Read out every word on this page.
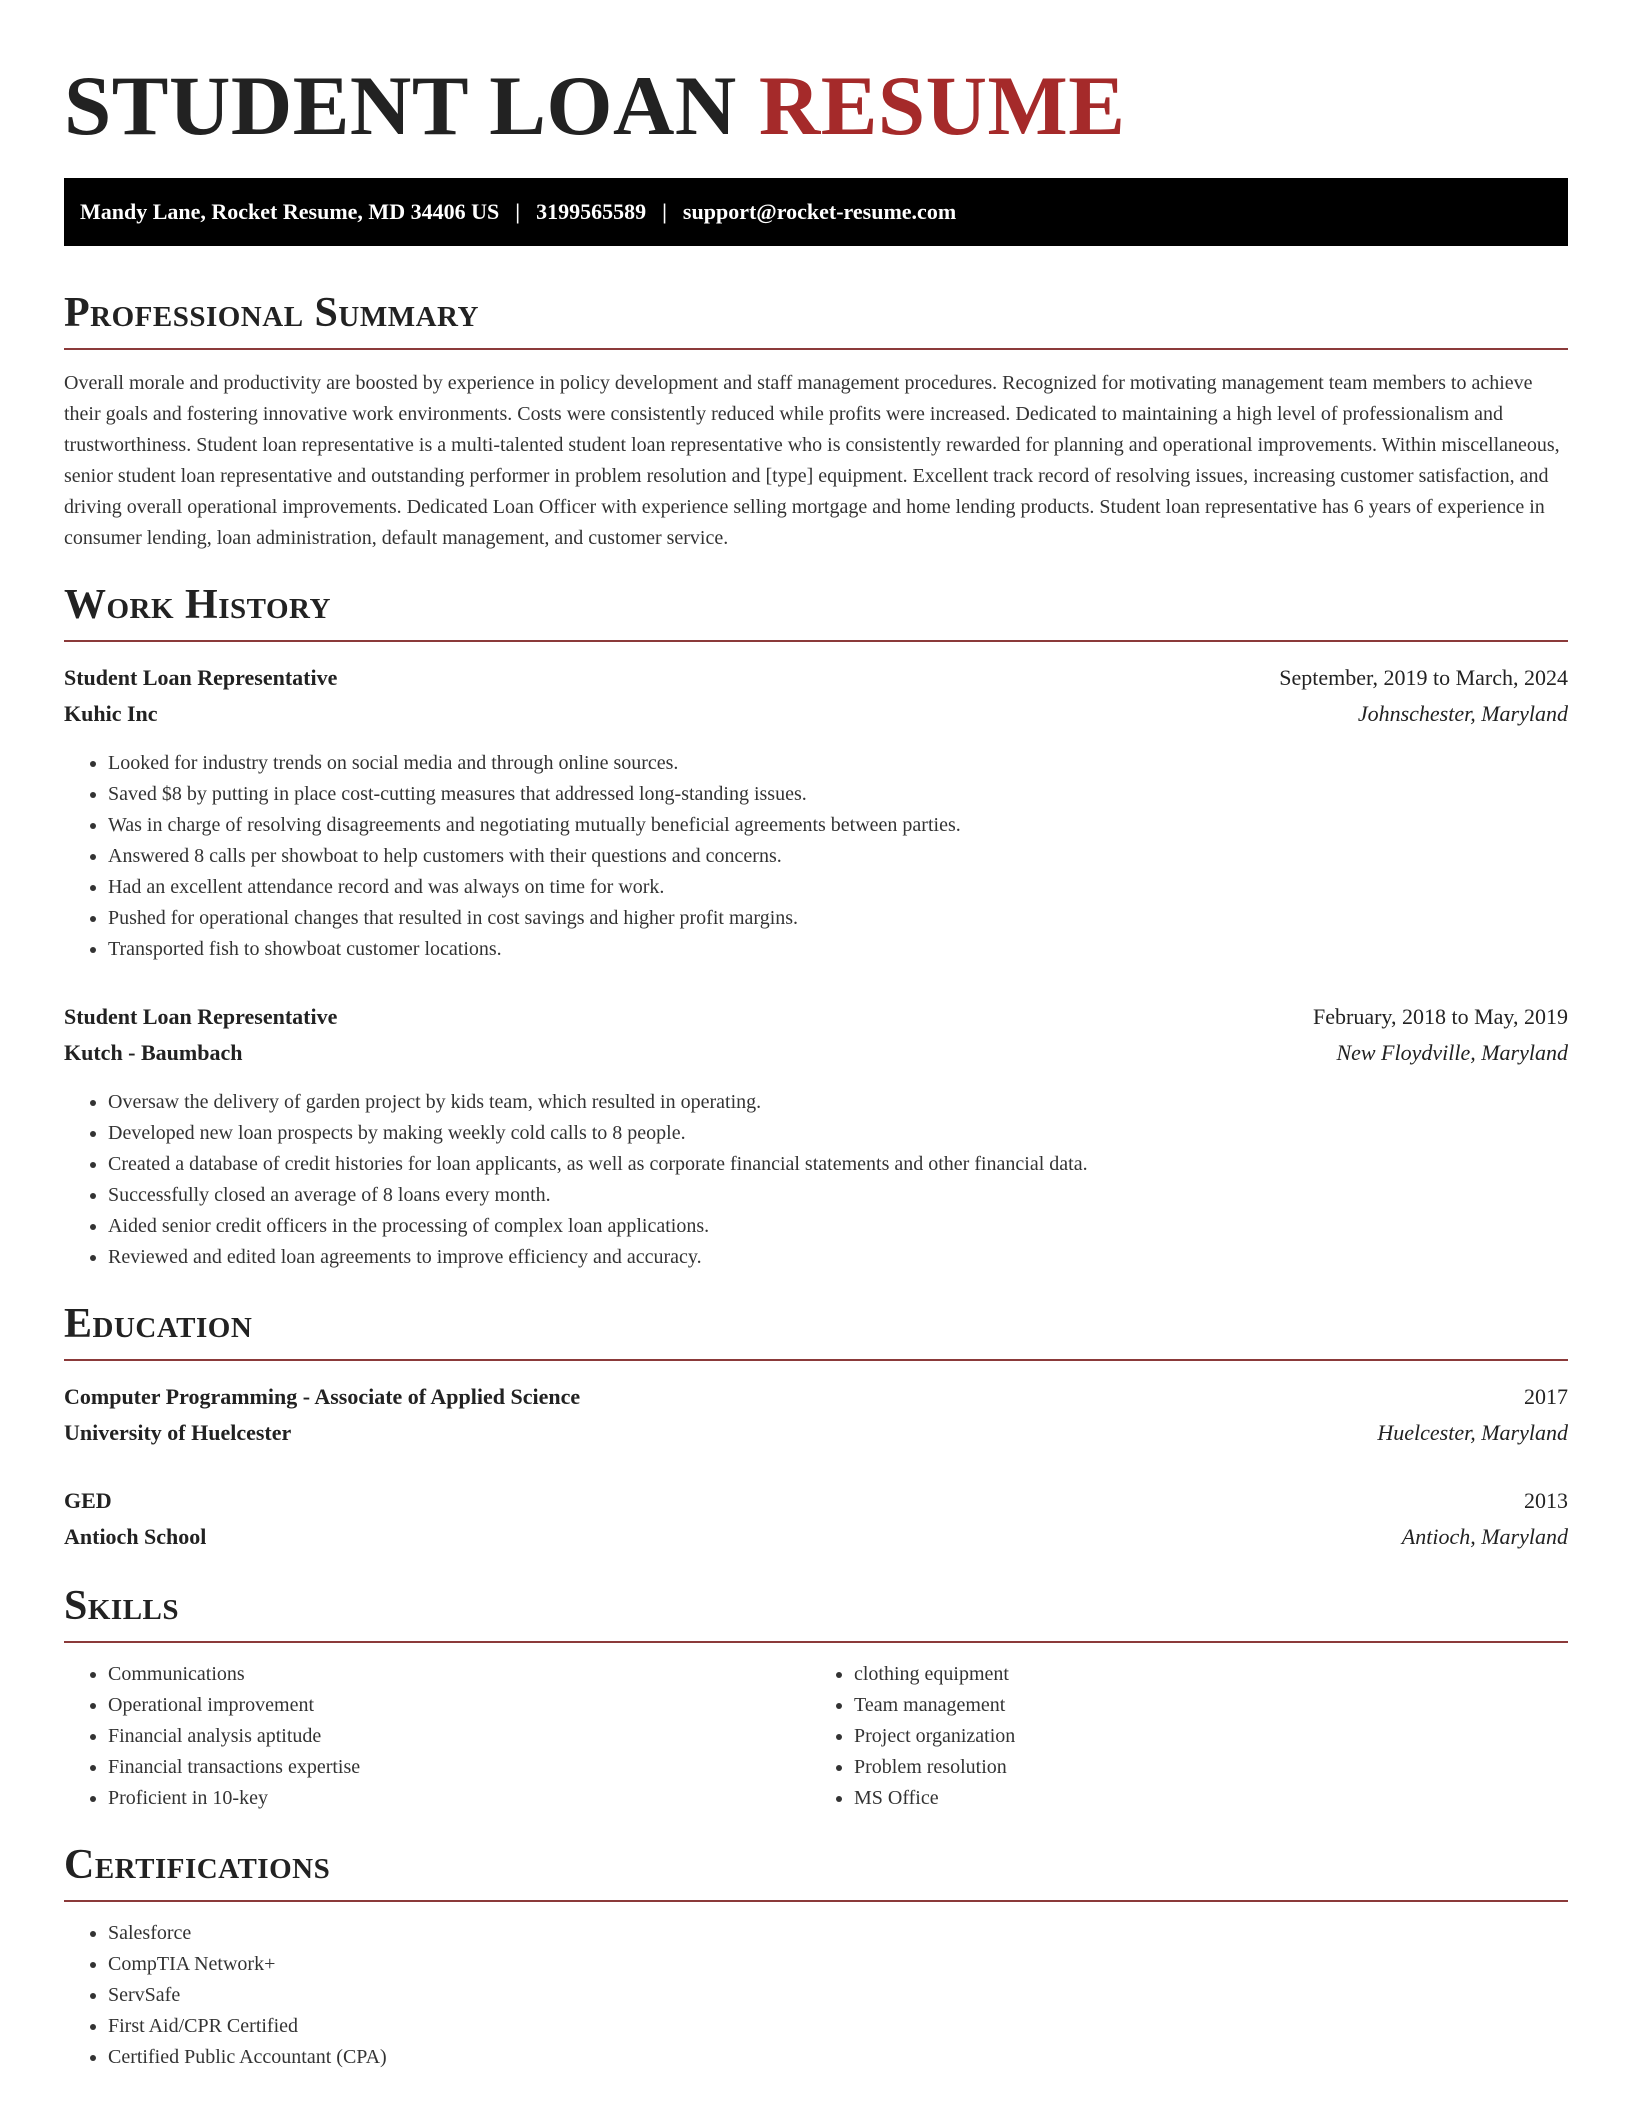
STUDENT LOAN RESUME
Mandy Lane, Rocket Resume, MD 34406 US | 3199565589 | support@rocket-resume.com
Professional Summary

Overall morale and productivity are boosted by experience in policy development and staff management procedures. Recognized for motivating management team members to achieve their goals and fostering innovative work environments. Costs were consistently reduced while profits were increased. Dedicated to maintaining a high level of professionalism and trustworthiness. Student loan representative is a multi-talented student loan representative who is consistently rewarded for planning and operational improvements. Within miscellaneous, senior student loan representative and outstanding performer in problem resolution and [type] equipment. Excellent track record of resolving issues, increasing customer satisfaction, and driving overall operational improvements. Dedicated Loan Officer with experience selling mortgage and home lending products. Student loan representative has 6 years of experience in consumer lending, loan administration, default management, and customer service.

Work History
Student Loan Representative	September, 2019 to March, 2024
Kuhic Inc	Johnschester, Maryland
• Looked for industry trends on social media and through online sources.
• Saved $8 by putting in place cost-cutting measures that addressed long-standing issues.
• Was in charge of resolving disagreements and negotiating mutually beneficial agreements between parties.
• Answered 8 calls per showboat to help customers with their questions and concerns.
• Had an excellent attendance record and was always on time for work.
• Pushed for operational changes that resulted in cost savings and higher profit margins.
• Transported fish to showboat customer locations.
Student Loan Representative	February, 2018 to May, 2019
Kutch - Baumbach	New Floydville, Maryland
• Oversaw the delivery of garden project by kids team, which resulted in operating.
• Developed new loan prospects by making weekly cold calls to 8 people.
• Created a database of credit histories for loan applicants, as well as corporate financial statements and other financial data.
• Successfully closed an average of 8 loans every month.
• Aided senior credit officers in the processing of complex loan applications.
• Reviewed and edited loan agreements to improve efficiency and accuracy.
Education
Computer Programming - Associate of Applied Science	2017
University of Huelcester	Huelcester, Maryland
GED	2013
Antioch School	Antioch, Maryland
Skills
• Communications
• Operational improvement
• Financial analysis aptitude
• Financial transactions expertise
• Proficient in 10-key
• clothing equipment
• Team management
• Project organization
• Problem resolution
• MS Office
Certifications
• Salesforce
• CompTIA Network+
• ServSafe
• First Aid/CPR Certified
• Certified Public Accountant (CPA)
